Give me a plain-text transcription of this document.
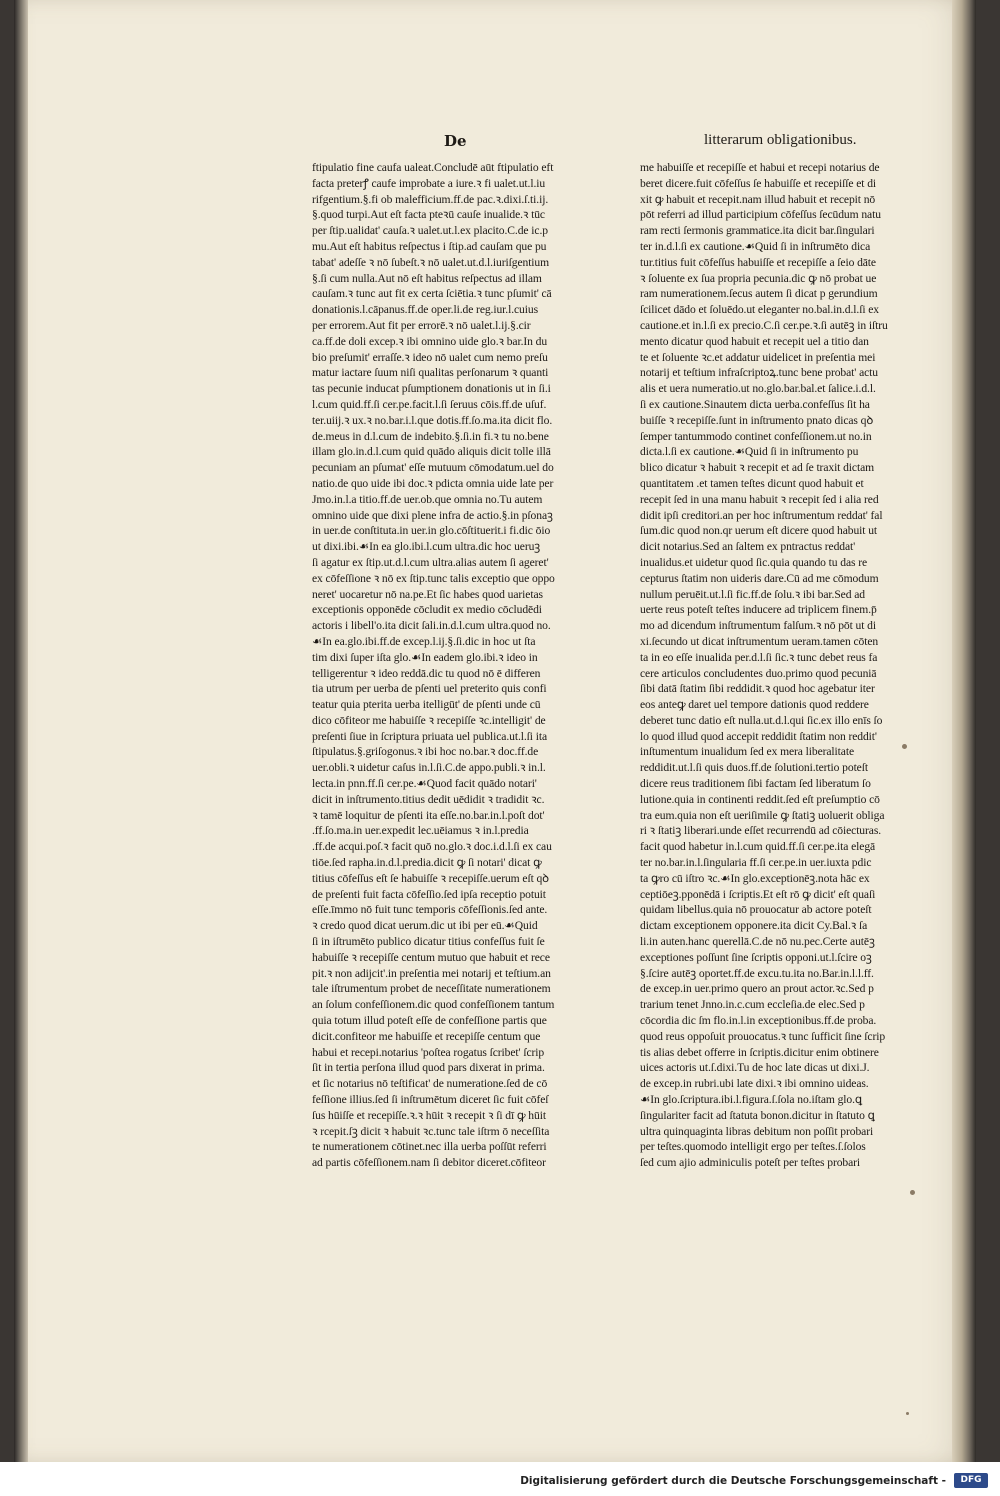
De	litterarum obligationibus.

ftipulatio fine caufa ualeat.Concludē aūt ftipulatio eft

facta preterꝭ caufe improbate a iure.ꝛ fi ualet.ut.l.iu

rifgentium.§.fi ob malefficium.ff.de pac.ꝛ.dixi.ſ.ti.ij.

§.quod turpi.Aut eſt facta pteꝛū cauſe inualide.ꝛ tūc

per ſtip.ualidat' cauſa.ꝛ ualet.ut.l.ex placito.C.de ic.p

mu.Aut eſt habitus reſpectus i ſtip.ad cauſam que pu

tabat' adeſſe ꝛ nō ſubeſt.ꝛ nō ualet.ut.d.l.iuriſgentium

§.ſi cum nulla.Aut nō eſt habitus reſpectus ad illam

cauſam.ꝛ tunc aut fit ex certa ſciētia.ꝛ tunc pſumit' cā

donationis.l.cāpanus.ff.de oper.li.de reg.iur.l.cuius

per errorem.Aut fit per errorē.ꝛ nō ualet.l.ij.§.cir

ca.ff.de doli excep.ꝛ ibi omnino uide glo.ꝛ bar.In du

bio preſumit' erraſſe.ꝛ ideo nō ualet cum nemo preſu

matur iactare ſuum niſi qualitas perſonarum ꝛ quanti

tas pecunie inducat pſumptionem donationis ut in ſi.i

l.cum quid.ff.ſi cer.pe.facit.l.ſi ſeruus cōis.ff.de uſuf.

ter.uiij.ꝛ ux.ꝛ no.bar.i.l.que dotis.ff.ſo.ma.ita dicit flo.

de.meus in d.l.cum de indebito.§.ſi.in fi.ꝛ tu no.bene

illam glo.in.d.l.cum quid quādo aliquis dicit tolle illā

pecuniam an pſumat' eſſe mutuum cōmodatum.uel do

natio.de quo uide ibi doc.ꝛ pdicta omnia uide late per

Jmo.in.l.a titio.ff.de uer.ob.que omnia no.Tu autem

omnino uide que dixi plene infra de actio.§.in pſonaꝫ

in uer.de conſtituta.in uer.in glo.cōſtituerit.i fi.dic ōio

ut dixi.ibi.☙In ea glo.ibi.l.cum ultra.dic hoc ueruꝫ

ſi agatur ex ſtip.ut.d.l.cum ultra.alias autem ſi ageret'

ex cōfeſſione ꝛ nō ex ſtip.tunc talis exceptio que oppo

neret' uocaretur nō na.pe.Et ſic habes quod uarietas

exceptionis opponēde cōcludit ex medio cōcludēdi

actoris i libell'o.ita dicit ſali.in.d.l.cum ultra.quod no.

☙In ea.glo.ibi.ff.de excep.l.ij.§.ſi.dic in hoc ut ſta

tim dixi ſuper iſta glo.☙In eadem glo.ibi.ꝛ ideo in

telligerentur ꝛ ideo reddā.dic tu quod nō ē differen

tia utrum per uerba de pſenti uel preterito quis confi

teatur quia pterita uerba itelligūt' de pſenti unde cū

dico cōfiteor me habuiſſe ꝛ recepiſſe ꝛc.intelligit' de

preſenti ſiue in ſcriptura priuata uel publica.ut.l.ſi ita

ſtipulatus.§.griſogonus.ꝛ ibi hoc no.bar.ꝛ doc.ff.de

uer.obli.ꝛ uidetur caſus in.l.ſi.C.de appo.publi.ꝛ in.l.

lecta.in pnn.ff.ſi cer.pe.☙Quod facit quādo notari'

dicit in inſtrumento.titius dedit uēdidit ꝛ tradidit ꝛc.

ꝛ tamē loquitur de pſenti ita eſſe.no.bar.in.l.poſt dot'

.ff.ſo.ma.in uer.expedit lec.uēiamus ꝛ in.l.predia

.ff.de acqui.poſ.ꝛ facit quō no.glo.ꝛ doc.i.d.l.ſi ex cau

tiōe.ſed rapha.in.d.l.predia.dicit ꝙ ſi notari' dicat ꝙ

titius cōfeſſus eſt ſe habuiſſe ꝛ recepiſſe.uerum eſt qꝺ

de preſenti fuit facta cōfeſſio.ſed ipſa receptio potuit

eſſe.īmmo nō fuit tunc temporis cōfeſſionis.ſed ante.

ꝛ credo quod dicat uerum.dic ut ibi per eū.☙Quid

ſi in iſtrumēto publico dicatur titius confeſſus fuit ſe

habuiſſe ꝛ recepiſſe centum mutuo que habuit et rece

pit.ꝛ non adijcit'.in preſentia mei notarij et teſtium.an

tale iſtrumentum probet de neceſſitate numerationem

an ſolum confeſſionem.dic quod confeſſionem tantum

quia totum illud poteſt eſſe de confeſſione partis que

dicit.confiteor me habuiſſe et recepiſſe centum que

habui et recepi.notarius 'poſtea rogatus ſcribet' ſcrip

ſit in tertia perſona illud quod pars dixerat in prima.

et ſic notarius nō teſtificat' de numeratione.ſed de cō

feſſione illius.ſed ſi inſtrumētum diceret ſic fuit cōfeſ

ſus hūiſſe et recepiſſe.ꝛ.ꝛ hūit ꝛ recepit ꝛ ſi dī ꝙ hūit

ꝛ rcepit.ſꝫ dicit ꝛ habuit ꝛc.tunc tale iſtrm ō neceſſita

te numerationem cōtinet.nec illa uerba poſſūt referri

ad partis cōfeſſionem.nam ſi debitor diceret.cōfiteor

me habuiſſe et recepiſſe et habui et recepi notarius de

beret dicere.fuit cōfeſſus ſe habuiſſe et recepiſſe et di

xit ꝙ habuit et recepit.nam illud habuit et recepit nō

pōt referri ad illud participium cōfeſſus ſecūdum natu

ram recti ſermonis grammatice.ita dicit bar.ſingulari

ter in.d.l.ſi ex cautione.☙Quid ſi in inſtrumēto dica

tur.titius fuit cōfeſſus habuiſſe et recepiſſe a ſeio dāte

ꝛ ſoluente ex ſua propria pecunia.dic ꝙ nō probat ue

ram numerationem.ſecus autem ſi dicat p gerundium

ſcilicet dādo et ſoluēdo.ut eleganter no.bal.in.d.l.ſi ex

cautione.et in.l.ſi ex precio.C.ſi cer.pe.ꝛ.ſi autēꝫ in iſtru

mento dicatur quod habuit et recepit uel a titio dan

te et ſoluente ꝛc.et addatur uidelicet in preſentia mei

notarij et teſtium infraſcriptoꝝ.tunc bene probat' actu

alis et uera numeratio.ut no.glo.bar.bal.et ſalice.i.d.l.

ſi ex cautione.Sinautem dicta uerba.confeſſus ſit ha

buiſſe ꝛ recepiſſe.ſunt in inſtrumento pnato dicas qꝺ

ſemper tantummodo continet confeſſionem.ut no.in

dicta.l.ſi ex cautione.☙Quid ſi in inſtrumento pu

blico dicatur ꝛ habuit ꝛ recepit et ad ſe traxit dictam

quantitatem .et tamen teſtes dicunt quod habuit et

recepit ſed in una manu habuit ꝛ recepit ſed i alia red

didit ipſi creditori.an per hoc inſtrumentum reddat' fal

ſum.dic quod non.qr uerum eſt dicere quod habuit ut

dicit notarius.Sed an ſaltem ex pntractus reddat'

inualidus.et uidetur quod ſic.quia quando tu das re

cepturus ſtatim non uideris dare.Cū ad me cōmodum

nullum peruēit.ut.l.ſi fic.ff.de ſolu.ꝛ ibi bar.Sed ad

uerte reus poteſt teſtes inducere ad triplicem finem.p̄

mo ad dicendum inſtrumentum falſum.ꝛ nō pōt ut di

xi.ſecundo ut dicat inſtrumentum ueram.tamen cōten

ta in eo eſſe inualida per.d.l.ſi ſic.ꝛ tunc debet reus fa

cere articulos concludentes duo.primo quod pecuniā

ſibi datā ſtatim ſibi reddidit.ꝛ quod hoc agebatur iter

eos anteꝙ daret uel tempore dationis quod reddere

deberet tunc datio eſt nulla.ut.d.l.qui ſic.ex illo enīs ſo

lo quod illud quod accepit reddidit ſtatim non reddit'

inſtumentum inualidum ſed ex mera liberalitate

reddidit.ut.l.ſi quis duos.ff.de ſolutioni.tertio poteſt

dicere reus traditionem ſibi factam ſed liberatum ſo

lutione.quia in continenti reddit.ſed eſt preſumptio cō

tra eum.quia non eſt ueriſimile ꝙ ſtatiꝫ uoluerit obliga

ri ꝛ ſtatiꝫ liberari.unde eſſet recurrendū ad cōiecturas.

facit quod habetur in.l.cum quid.ff.ſi cer.pe.ita elegā

ter no.bar.in.l.ſingularia ff.ſi cer.pe.in uer.iuxta pdic

ta ꝙro cū iſtro ꝛc.☙In glo.exceptionēꝫ.nota hāc ex

ceptiōeꝫ.pponēdā i ſcriptis.Et eſt rō ꝙ dicit' eſt quaſi

quidam libellus.quia nō prouocatur ab actore poteſt

dictam exceptionem opponere.ita dicit Cy.Bal.ꝛ ſa

li.in auten.hanc querellā.C.de nō nu.pec.Certe autēꝫ

exceptiones poſſunt ſine ſcriptis opponi.ut.l.ſcire oꝫ

§.ſcire autēꝫ oportet.ff.de excu.tu.ita no.Bar.in.l.l.ff.

de excep.in uer.primo quero an prout actor.ꝛc.Sed p

trarium tenet Jnno.in.c.cum eccleſia.de elec.Sed p

cōcordia dic ſm flo.in.l.in exceptionibus.ff.de proba.

quod reus oppoſuit prouocatus.ꝛ tunc ſufficit ſine ſcrip

tis alias debet offerre in ſcriptis.dicitur enim obtinere

uices actoris ut.ſ.dixi.Tu de hoc late dicas ut dixi.J.

de excep.in rubri.ubi late dixi.ꝛ ibi omnino uideas.

☙In glo.ſcriptura.ibi.l.figura.ſ.ſola no.iſtam glo.ꝗ

ſingulariter facit ad ſtatuta bonon.dicitur in ſtatuto ꝗ

ultra quinquaginta libras debitum non poſſit probari

per teſtes.quomodo intelligit ergo per teſtes.ſ.ſolos

ſed cum ajio adminiculis poteſt per teſtes probari

Digitalisierung gefördert durch die Deutsche Forschungsgemeinschaft -	DFG
